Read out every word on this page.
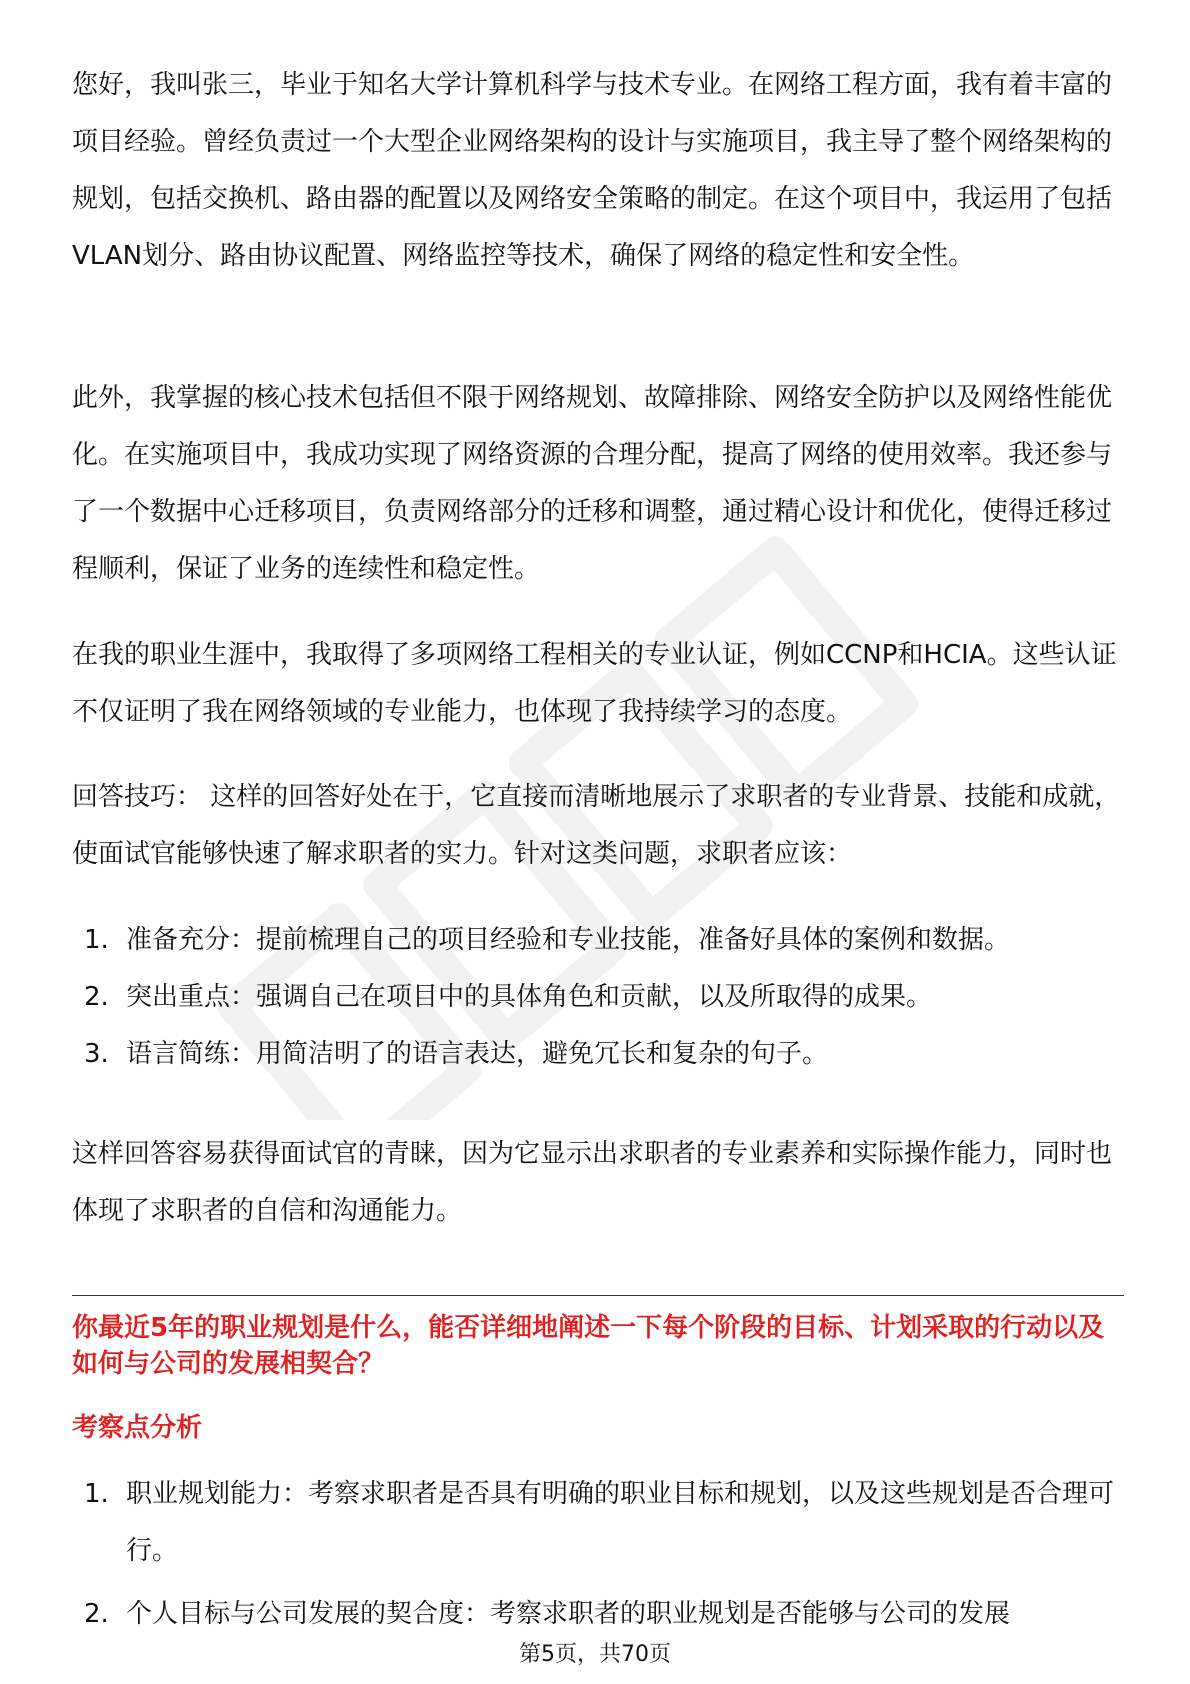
您好，我叫张三，毕业于知名大学计算机科学与技术专业。在网络工程方面，我有着丰富的项目经验。曾经负责过一个大型企业网络架构的设计与实施项目，我主导了整个网络架构的规划，包括交换机、路由器的配置以及网络安全策略的制定。在这个项目中，我运用了包括VLAN划分、路由协议配置、网络监控等技术，确保了网络的稳定性和安全性。

此外，我掌握的核心技术包括但不限于网络规划、故障排除、网络安全防护以及网络性能优化。在实施项目中，我成功实现了网络资源的合理分配，提高了网络的使用效率。我还参与了一个数据中心迁移项目，负责网络部分的迁移和调整，通过精心设计和优化，使得迁移过程顺利，保证了业务的连续性和稳定性。

在我的职业生涯中，我取得了多项网络工程相关的专业认证，例如CCNP和HCIA。这些认证不仅证明了我在网络领域的专业能力，也体现了我持续学习的态度。

回答技巧： 这样的回答好处在于，它直接而清晰地展示了求职者的专业背景、技能和成就，使面试官能够快速了解求职者的实力。针对这类问题，求职者应该：

1. 准备充分：提前梳理自己的项目经验和专业技能，准备好具体的案例和数据。
2. 突出重点：强调自己在项目中的具体角色和贡献，以及所取得的成果。
3. 语言简练：用简洁明了的语言表达，避免冗长和复杂的句子。

这样回答容易获得面试官的青睐，因为它显示出求职者的专业素养和实际操作能力，同时也体现了求职者的自信和沟通能力。

你最近5年的职业规划是什么，能否详细地阐述一下每个阶段的目标、计划采取的行动以及如何与公司的发展相契合？
考察点分析
1. 职业规划能力：考察求职者是否具有明确的职业目标和规划，以及这些规划是否合理可行。
2. 个人目标与公司发展的契合度：考察求职者的职业规划是否能够与公司的发展
第5页，共70页
